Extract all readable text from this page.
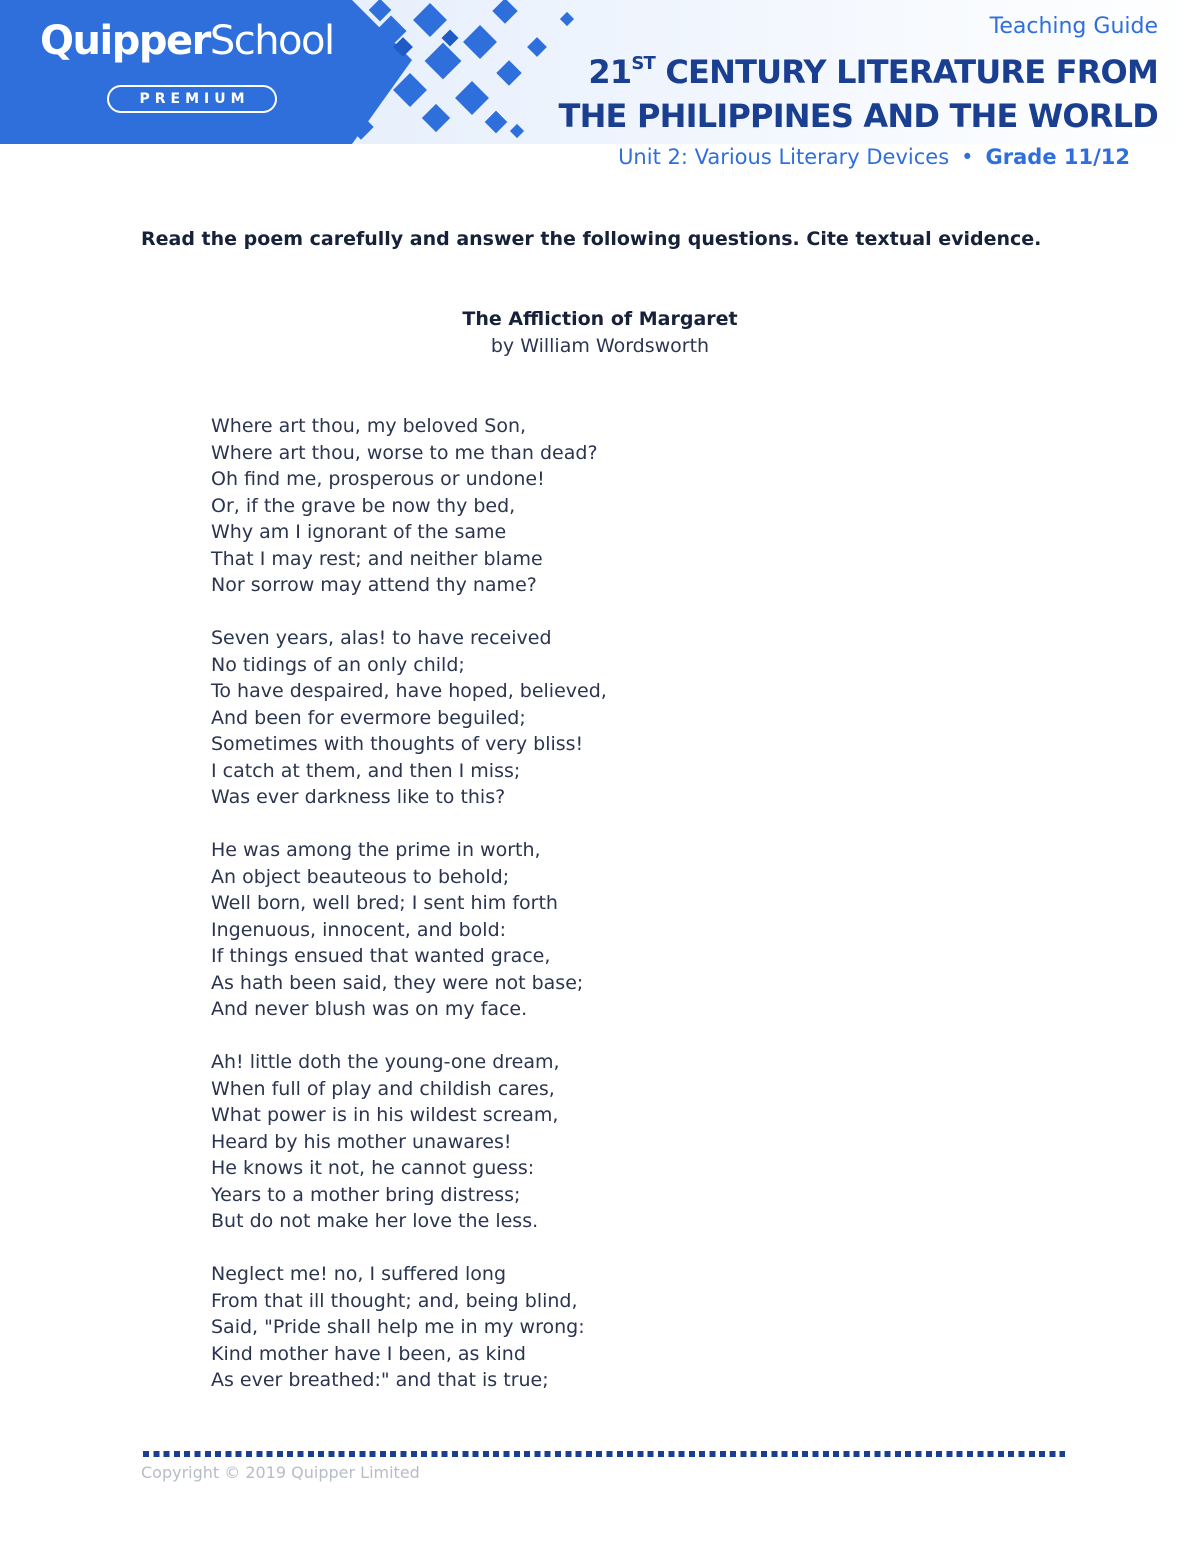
QuipperSchool
PREMIUM
Teaching Guide
21ST CENTURY LITERATURE FROM
THE PHILIPPINES AND THE WORLD
Unit 2: Various Literary Devices • Grade 11/12
Read the poem carefully and answer the following questions. Cite textual evidence.
The Affliction of Margaret
by William Wordsworth
Where art thou, my beloved Son,
Where art thou, worse to me than dead?
Oh find me, prosperous or undone!
Or, if the grave be now thy bed,
Why am I ignorant of the same
That I may rest; and neither blame
Nor sorrow may attend thy name?
Seven years, alas! to have received
No tidings of an only child;
To have despaired, have hoped, believed,
And been for evermore beguiled;
Sometimes with thoughts of very bliss!
I catch at them, and then I miss;
Was ever darkness like to this?
He was among the prime in worth,
An object beauteous to behold;
Well born, well bred; I sent him forth
Ingenuous, innocent, and bold:
If things ensued that wanted grace,
As hath been said, they were not base;
And never blush was on my face.
Ah! little doth the young-one dream,
When full of play and childish cares,
What power is in his wildest scream,
Heard by his mother unawares!
He knows it not, he cannot guess:
Years to a mother bring distress;
But do not make her love the less.
Neglect me! no, I suffered long
From that ill thought; and, being blind,
Said, "Pride shall help me in my wrong:
Kind mother have I been, as kind
As ever breathed:" and that is true;
Copyright © 2019 Quipper Limited
